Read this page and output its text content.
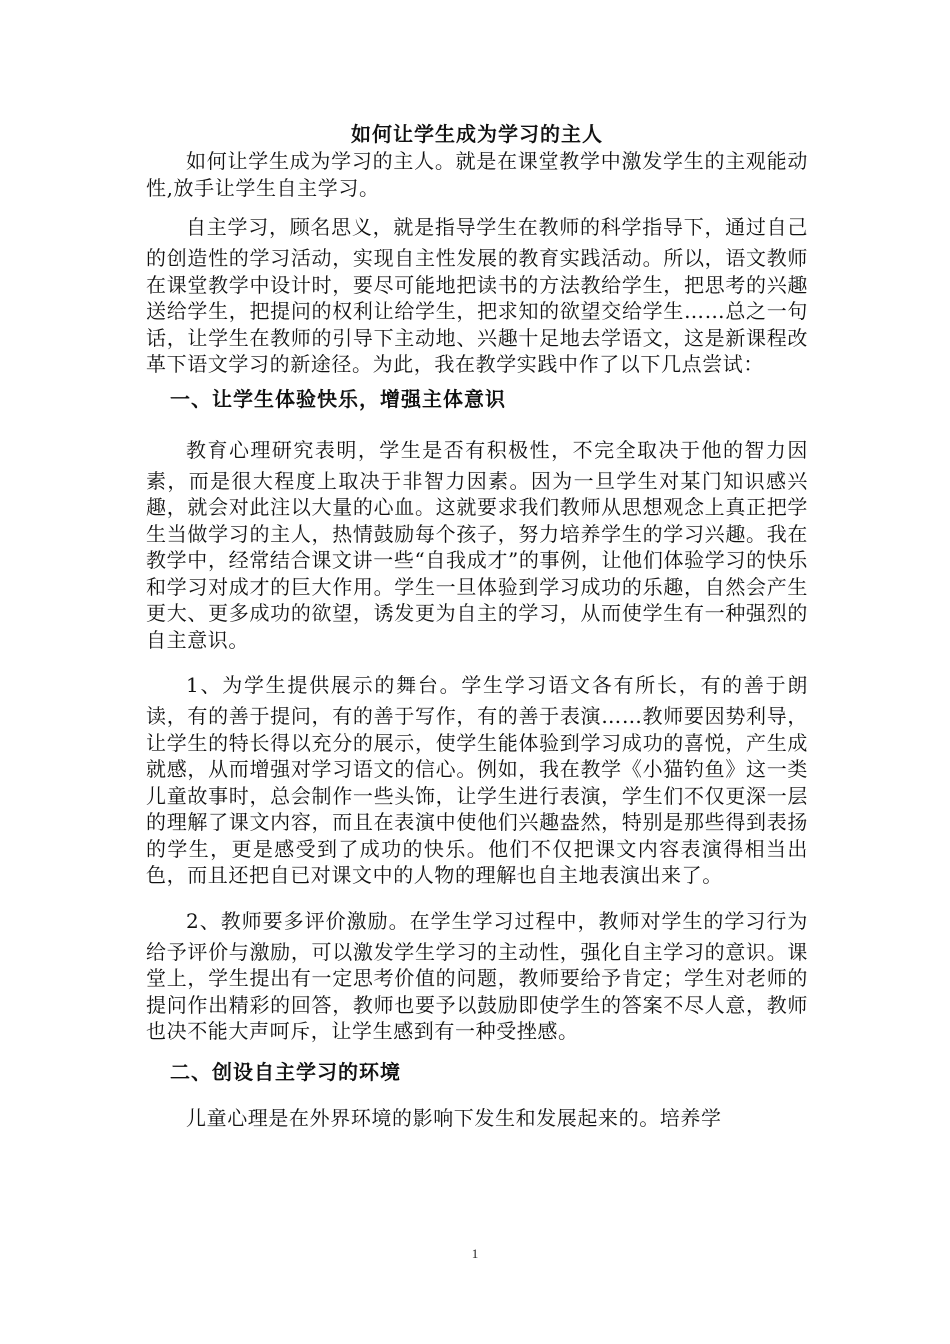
如何让学生成为学习的主人

如何让学生成为学习的主人。就是在课堂教学中激发学生的主观能动性,放手让学生自主学习。

自主学习，顾名思义，就是指导学生在教师的科学指导下，通过自己的创造性的学习活动，实现自主性发展的教育实践活动。所以，语文教师在课堂教学中设计时，要尽可能地把读书的方法教给学生，把思考的兴趣送给学生，把提问的权利让给学生，把求知的欲望交给学生……总之一句话，让学生在教师的引导下主动地、兴趣十足地去学语文，这是新课程改革下语文学习的新途径。为此，我在教学实践中作了以下几点尝试：

一、让学生体验快乐，增强主体意识

教育心理研究表明，学生是否有积极性，不完全取决于他的智力因素，而是很大程度上取决于非智力因素。因为一旦学生对某门知识感兴趣，就会对此注以大量的心血。这就要求我们教师从思想观念上真正把学生当做学习的主人，热情鼓励每个孩子，努力培养学生的学习兴趣。我在教学中，经常结合课文讲一些“自我成才”的事例，让他们体验学习的快乐和学习对成才的巨大作用。学生一旦体验到学习成功的乐趣，自然会产生更大、更多成功的欲望，诱发更为自主的学习，从而使学生有一种强烈的自主意识。

1、为学生提供展示的舞台。学生学习语文各有所长，有的善于朗读，有的善于提问，有的善于写作，有的善于表演……教师要因势利导，让学生的特长得以充分的展示，使学生能体验到学习成功的喜悦，产生成就感，从而增强对学习语文的信心。例如，我在教学《小猫钓鱼》这一类儿童故事时，总会制作一些头饰，让学生进行表演，学生们不仅更深一层的理解了课文内容，而且在表演中使他们兴趣盎然，特别是那些得到表扬的学生，更是感受到了成功的快乐。他们不仅把课文内容表演得相当出色，而且还把自已对课文中的人物的理解也自主地表演出来了。

2、教师要多评价激励。在学生学习过程中，教师对学生的学习行为给予评价与激励，可以激发学生学习的主动性，强化自主学习的意识。课堂上，学生提出有一定思考价值的问题，教师要给予肯定；学生对老师的提问作出精彩的回答，教师也要予以鼓励即使学生的答案不尽人意，教师也决不能大声呵斥，让学生感到有一种受挫感。

二、创设自主学习的环境

儿童心理是在外界环境的影响下发生和发展起来的。培养学

1
